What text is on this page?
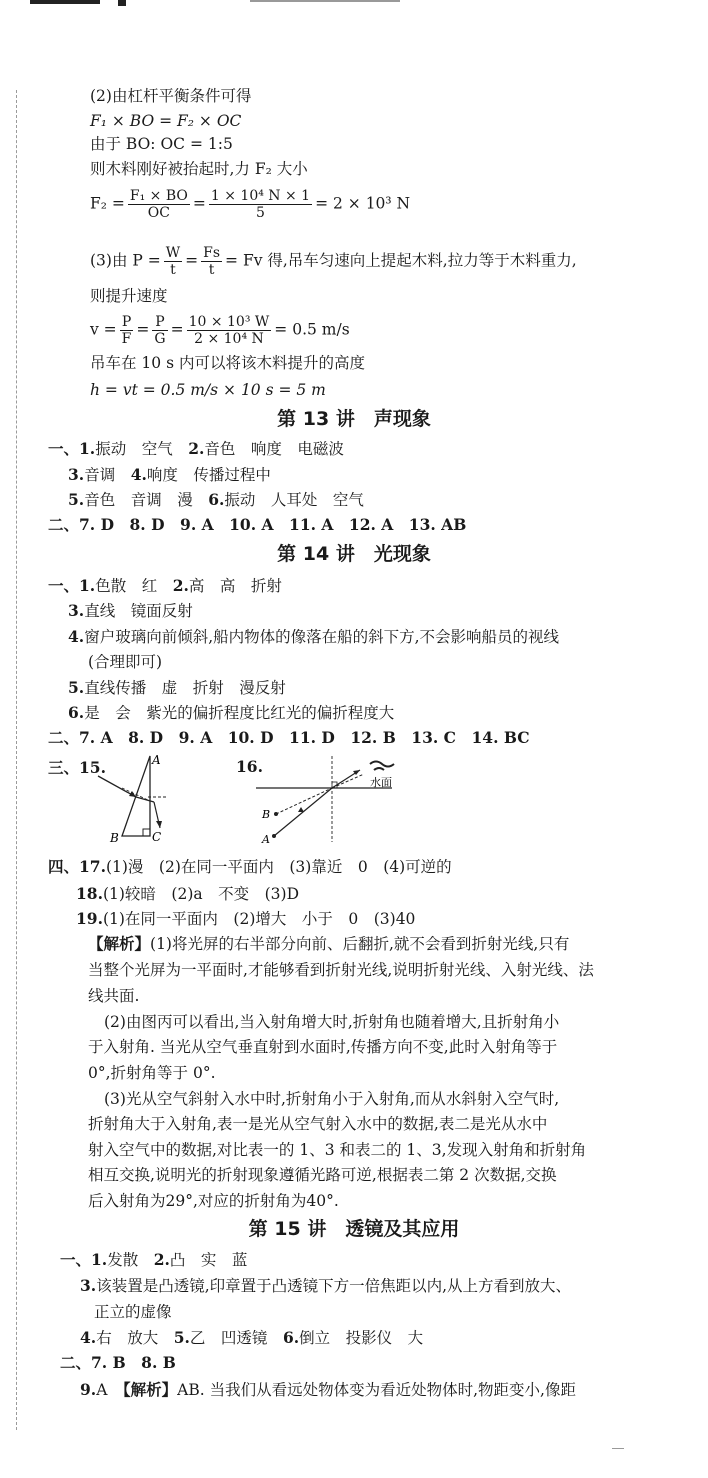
(2)由杠杆平衡条件可得
F₁ × BO = F₂ × OC
由于 BO: OC = 1:5
则木料刚好被抬起时,力 F₂ 大小
$F_2 = \frac{\text{F₁ × BO}}{OC} = \frac{\text{1 × 10⁴ N × 1}}{5} = 2 \times 10^3$ N
(3)由 $P = \frac{W}{t} = \frac{Fs}{t} = Fv$ 得,吊车匀速向上提起木料,拉力等于木料重力,
则提升速度
$v = \frac{P}{F} = \frac{P}{G} = \frac{\text{10 × 10³ W}}{\text{2 × 10⁴ N}} = 0.5$ m/s
吊车在 10 s 内可以将该木料提升的高度
h = vt = 0.5 m/s × 10 s = 5 m
第 13 讲　声现象
一、1.振动　空气　 2.音色　响度　电磁波
3.音调　 4.响度　传播过程中
5.音色　音调　漫　 6.振动　人耳处　空气
二、7. D　8. D　9. A　10. A　11. A　12. A　13. AB
第 14 讲　光现象
一、1.色散　红　 2.高　高　折射
3.直线　镜面反射
4.窗户玻璃向前倾斜,船内物体的像落在船的斜下方,不会影响船员的视线
(合理即可)
5.直线传播　虚　折射　漫反射
6.是　会　紫光的偏折程度比红光的偏折程度大
二、7. A　8. D　9. A　10. D　11. D　12. B　13. C　14. BC
三、15.	A
B	C
16.
水面
B
A
四、17.(1)漫　(2)在同一平面内　(3)靠近　0　(4)可逆的
18.(1)较暗　(2)a　不变　(3)D
19.(1)在同一平面内　(2)增大　小于　0　(3)40
【解析】(1)将光屏的右半部分向前、后翻折,就不会看到折射光线,只有
当整个光屏为一平面时,才能够看到折射光线,说明折射光线、入射光线、法
线共面.
(2)由图丙可以看出,当入射角增大时,折射角也随着增大,且折射角小
于入射角. 当光从空气垂直射到水面时,传播方向不变,此时入射角等于
0°,折射角等于 0°.
(3)光从空气斜射入水中时,折射角小于入射角,而从水斜射入空气时,
折射角大于入射角,表一是光从空气射入水中的数据,表二是光从水中
射入空气中的数据,对比表一的 1、3 和表二的 1、3,发现入射角和折射角
相互交换,说明光的折射现象遵循光路可逆,根据表二第 2 次数据,交换
后入射角为29°,对应的折射角为40°.
第 15 讲　透镜及其应用
一、1.发散　 2.凸　实　蓝
3.该装置是凸透镜,印章置于凸透镜下方一倍焦距以内,从上方看到放大、
正立的虚像
4.右　放大　 5.乙　凹透镜　 6.倒立　投影仪　大
二、7. B　8. B
9.A　 【解析】AB. 当我们从看远处物体变为看近处物体时,物距变小,像距
